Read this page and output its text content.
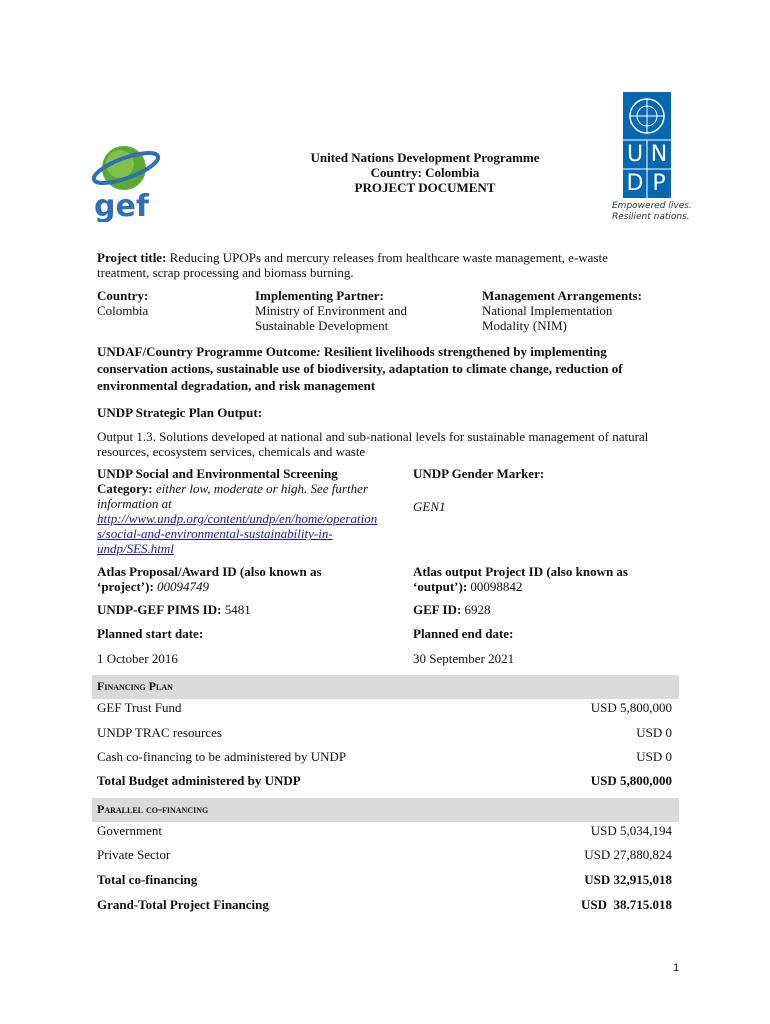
gef
U N
D P
Empowered lives.
Resilient nations.
United Nations Development Programme
Country: Colombia
PROJECT DOCUMENT
Project title: Reducing UPOPs and mercury releases from healthcare waste management, e-waste treatment, scrap processing and biomass burning.
Country:
Colombia
Implementing Partner:
Ministry of Environment and
Sustainable Development
Management Arrangements:
National Implementation
Modality (NIM)
UNDAF/Country Programme Outcome: Resilient livelihoods strengthened by implementing conservation actions, sustainable use of biodiversity, adaptation to climate change, reduction of environmental degradation, and risk management
UNDP Strategic Plan Output:
Output 1.3. Solutions developed at national and sub-national levels for sustainable management of natural resources, ecosystem services, chemicals and waste
UNDP Social and Environmental Screening
Category: either low, moderate or high. See further information at
http://www.undp.org/content/undp/en/home/operation
s/social-and-environmental-sustainability-in-
undp/SES.html
UNDP Gender Marker:
GEN1
Atlas Proposal/Award ID (also known as
‘project’): 00094749
Atlas output Project ID (also known as
‘output’): 00098842
UNDP-GEF PIMS ID: 5481	GEF ID: 6928
Planned start date:	Planned end date:
1 October 2016	30 September 2021
Financing Plan
GEF Trust Fund	USD 5,800,000
UNDP TRAC resources	USD 0
Cash co-financing to be administered by UNDP	USD 0
Total Budget administered by UNDP	USD 5,800,000
Parallel co-financing
Government	USD 5,034,194
Private Sector	USD 27,880,824
Total co-financing	USD 32,915,018
Grand-Total Project Financing	USD  38.715.018
1
